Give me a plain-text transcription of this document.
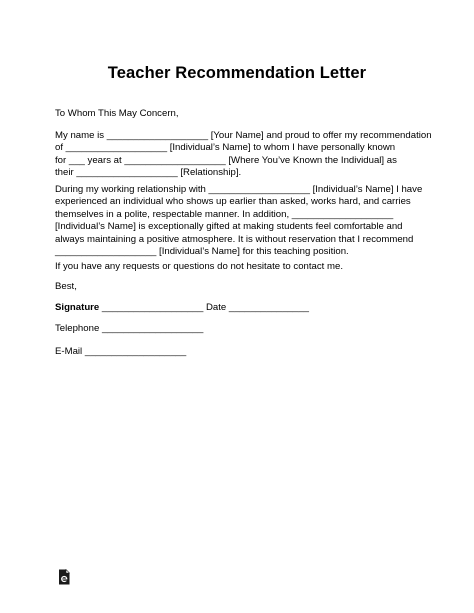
Teacher Recommendation Letter
To Whom This May Concern,
My name is ___________________ [Your Name] and proud to offer my recommendation
of ___________________ [Individual’s Name] to whom I have personally known
for ___ years at ___________________ [Where You’ve Known the Individual] as
their ___________________ [Relationship].
During my working relationship with ___________________ [Individual’s Name] I have
experienced an individual who shows up earlier than asked, works hard, and carries
themselves in a polite, respectable manner. In addition, ___________________
[Individual’s Name] is exceptionally gifted at making students feel comfortable and
always maintaining a positive atmosphere. It is without reservation that I recommend
___________________ [Individual’s Name] for this teaching position.
If you have any requests or questions do not hesitate to contact me.
Best,
Signature ___________________ Date _______________
Telephone ___________________
E-Mail ___________________
